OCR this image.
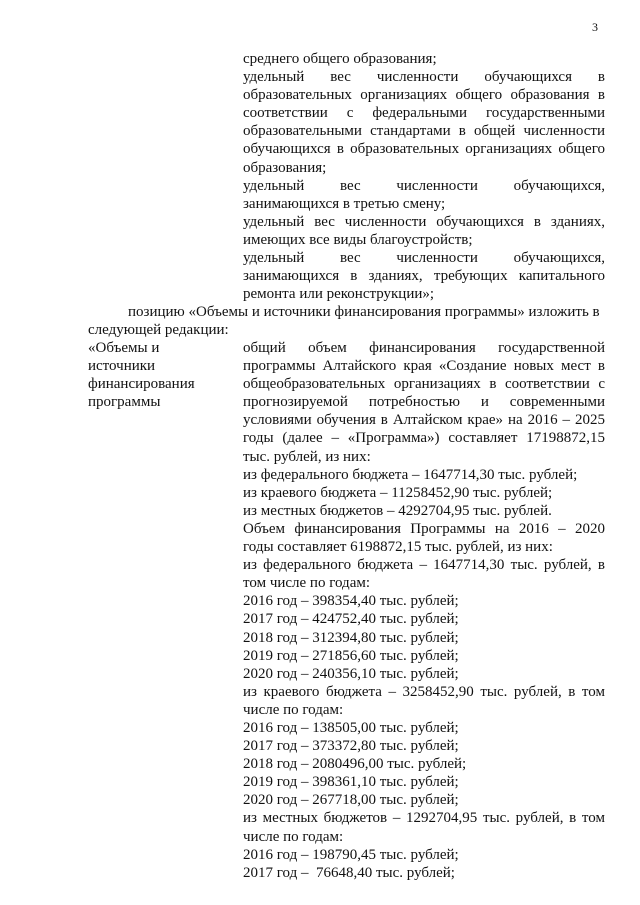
3

среднего общего образования;

удельный вес численности обучающихся в образовательных организациях общего образования в соответствии с федеральными государственными образовательными стандартами в общей численности обучающихся в образовательных организациях общего образования;

удельный вес численности обучающихся, занимающихся в третью смену;

удельный вес численности обучающихся в зданиях, имеющих все виды благоустройств;

удельный вес численности обучающихся, занимающихся в зданиях, требующих капитального ремонта или реконструкции»;

позицию «Объемы и источники финансирования программы» изложить в

следующей редакции:

«Объемы и
источники
финансирования
программы

общий объем финансирования государственной программы Алтайского края «Создание новых мест в общеобразовательных организациях в соответствии с прогнозируемой потребностью и современными условиями обучения в Алтайском крае» на 2016 – 2025 годы (далее – «Программа») составляет 17198872,15 тыс. рублей, из них:

из федерального бюджета – 1647714,30 тыс. рублей;

из краевого бюджета – 11258452,90 тыс. рублей;

из местных бюджетов – 4292704,95 тыс. рублей.

Объем финансирования Программы на 2016 – 2020 годы составляет 6198872,15 тыс. рублей, из них:

из федерального бюджета – 1647714,30 тыс. рублей, в том числе по годам:

2016 год – 398354,40 тыс. рублей;

2017 год – 424752,40 тыс. рублей;

2018 год – 312394,80 тыс. рублей;

2019 год – 271856,60 тыс. рублей;

2020 год – 240356,10 тыс. рублей;

из краевого бюджета – 3258452,90 тыс. рублей, в том числе по годам:

2016 год – 138505,00 тыс. рублей;

2017 год – 373372,80 тыс. рублей;

2018 год – 2080496,00 тыс. рублей;

2019 год – 398361,10 тыс. рублей;

2020 год – 267718,00 тыс. рублей;

из местных бюджетов – 1292704,95 тыс. рублей, в том числе по годам:

2016 год – 198790,45 тыс. рублей;

2017 год –  76648,40 тыс. рублей;
